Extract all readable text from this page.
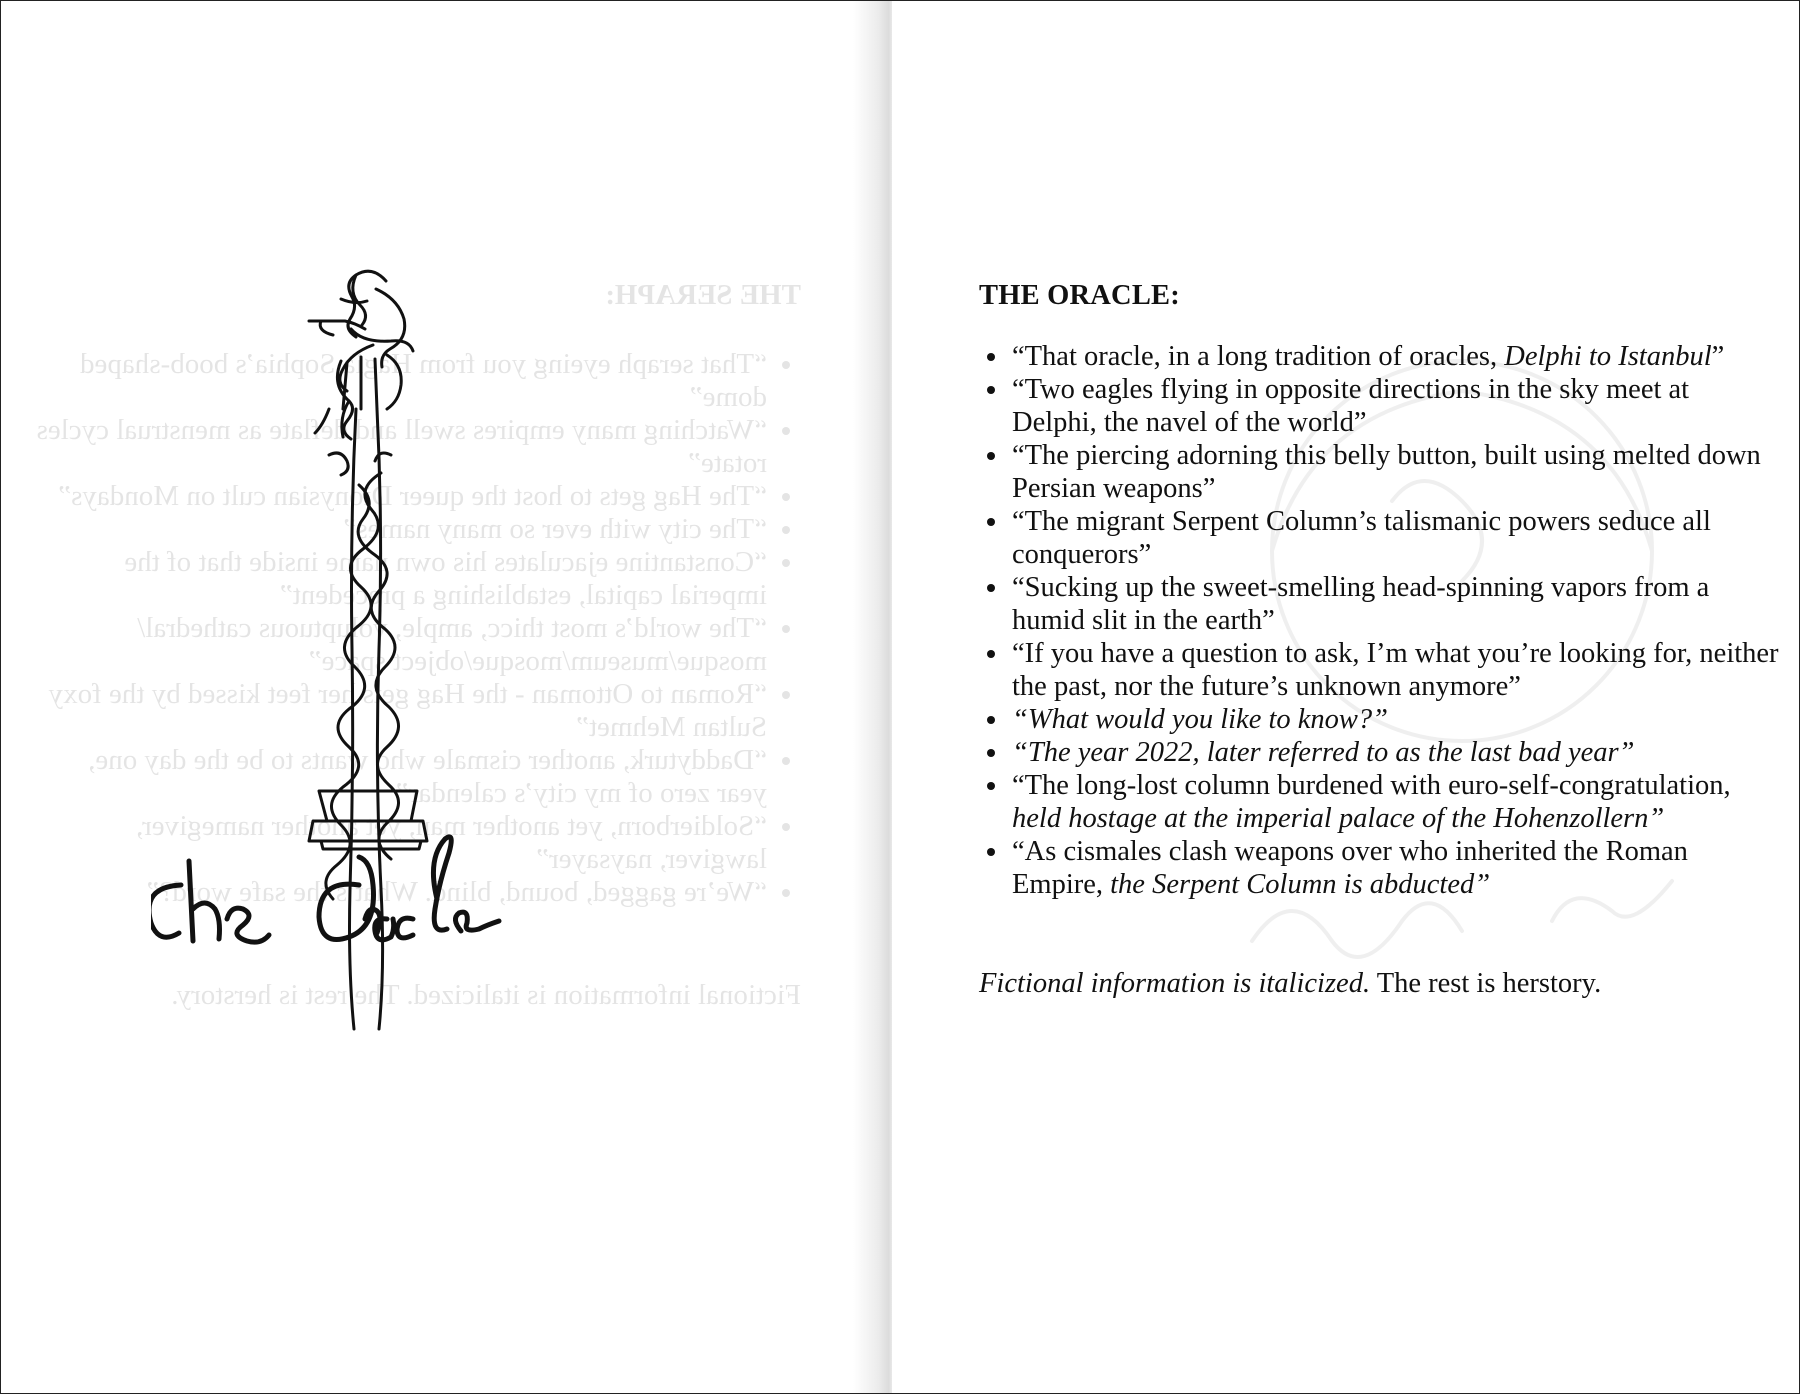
THE SERAPH:
• “That seraph eyeing you from Hagia Sophia’s boob-shaped dome”
• “Watching many empires swell and deflate as menstrual cycles rotate”
• “The Hag gets to host the queer Dionysian cult on Mondays”
• “The city with ever so many names”
• “Constantine ejaculates his own name inside that of the imperial capital, establishing a precedent”
• “The world’s most thicc, ample, voluptuous cathedral/ mosque/museum/mosque/object space”
• “Roman to Ottoman - the Hag gets her feet kissed by the foxy Sultan Mehmet”
• “Daddyturk, another cismale who wants to be the day one, year zero of my city’s calendar”
• “Soldierborn, yet another man, yet another namegiver, lawgiver, naysayer”
• “We’re gagged, bound, blind. What’s the safe word?”
Fictional information is italicized. The rest is herstory.
THE ORACLE:
• “That oracle, in a long tradition of oracles, Delphi to Istanbul”
• “Two eagles flying in opposite directions in the sky meet at Delphi, the navel of the world”
• “The piercing adorning this belly button, built using melted down Persian weapons”
• “The migrant Serpent Column’s talismanic powers seduce all conquerors”
• “Sucking up the sweet-smelling head-spinning vapors from a humid slit in the earth”
• “If you have a question to ask, I’m what you’re looking for, neither the past, nor the future’s unknown anymore”
• “What would you like to know?”
• “The year 2022, later referred to as the last bad year”
• “The long-lost column burdened with euro-self-congratulation, held hostage at the imperial palace of the Hohenzollern”
• “As cismales clash weapons over who inherited the Roman Empire, the Serpent Column is abducted”
Fictional information is italicized. The rest is herstory.
